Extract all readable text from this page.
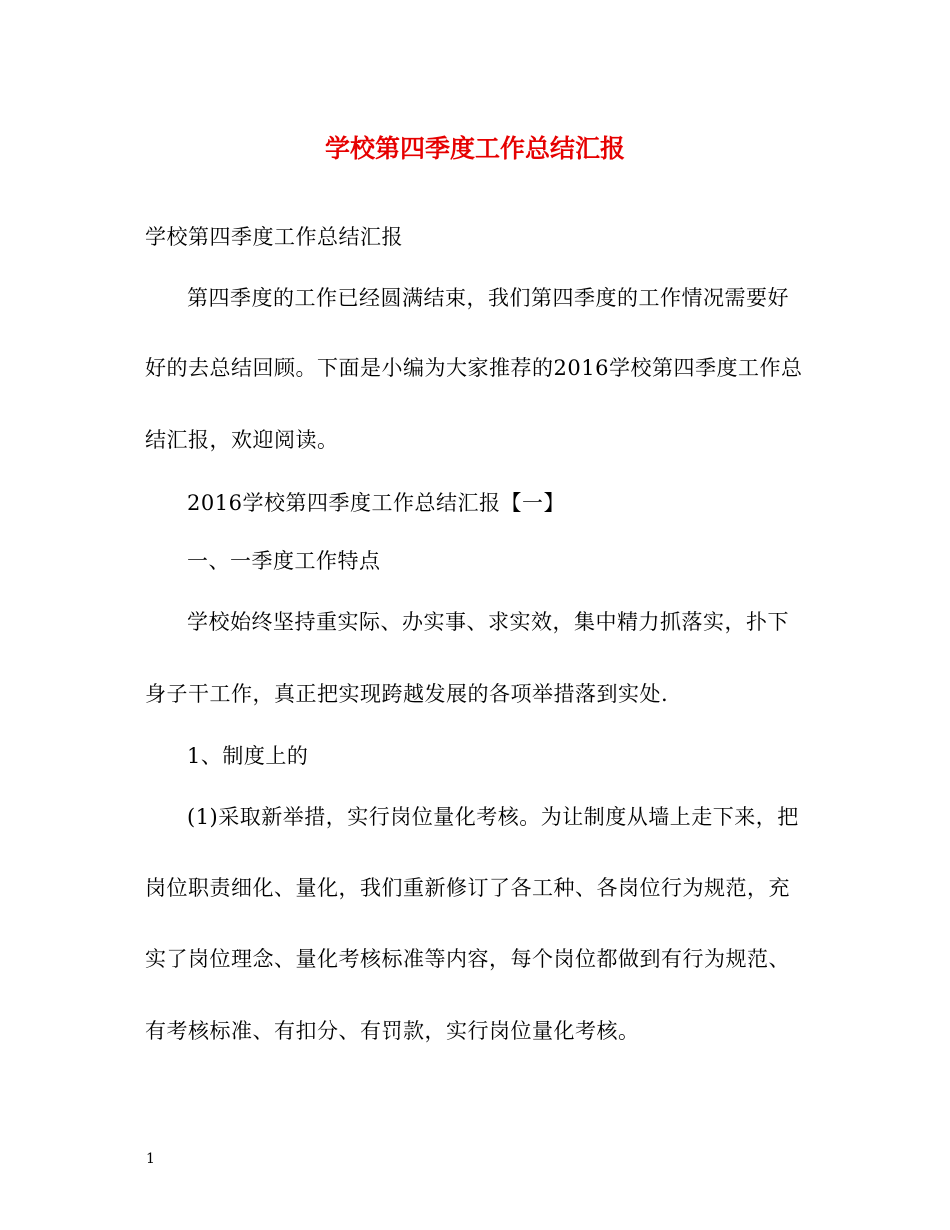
学校第四季度工作总结汇报
学校第四季度工作总结汇报
第四季度的工作已经圆满结束，我们第四季度的工作情况需要好
好的去总结回顾。下面是小编为大家推荐的2016学校第四季度工作总
结汇报，欢迎阅读。
2016学校第四季度工作总结汇报【一】
一、一季度工作特点
学校始终坚持重实际、办实事、求实效，集中精力抓落实，扑下
身子干工作，真正把实现跨越发展的各项举措落到实处.
1、制度上的
(1)采取新举措，实行岗位量化考核。为让制度从墙上走下来，把
岗位职责细化、量化，我们重新修订了各工种、各岗位行为规范，充
实了岗位理念、量化考核标准等内容，每个岗位都做到有行为规范、
有考核标准、有扣分、有罚款，实行岗位量化考核。
1
